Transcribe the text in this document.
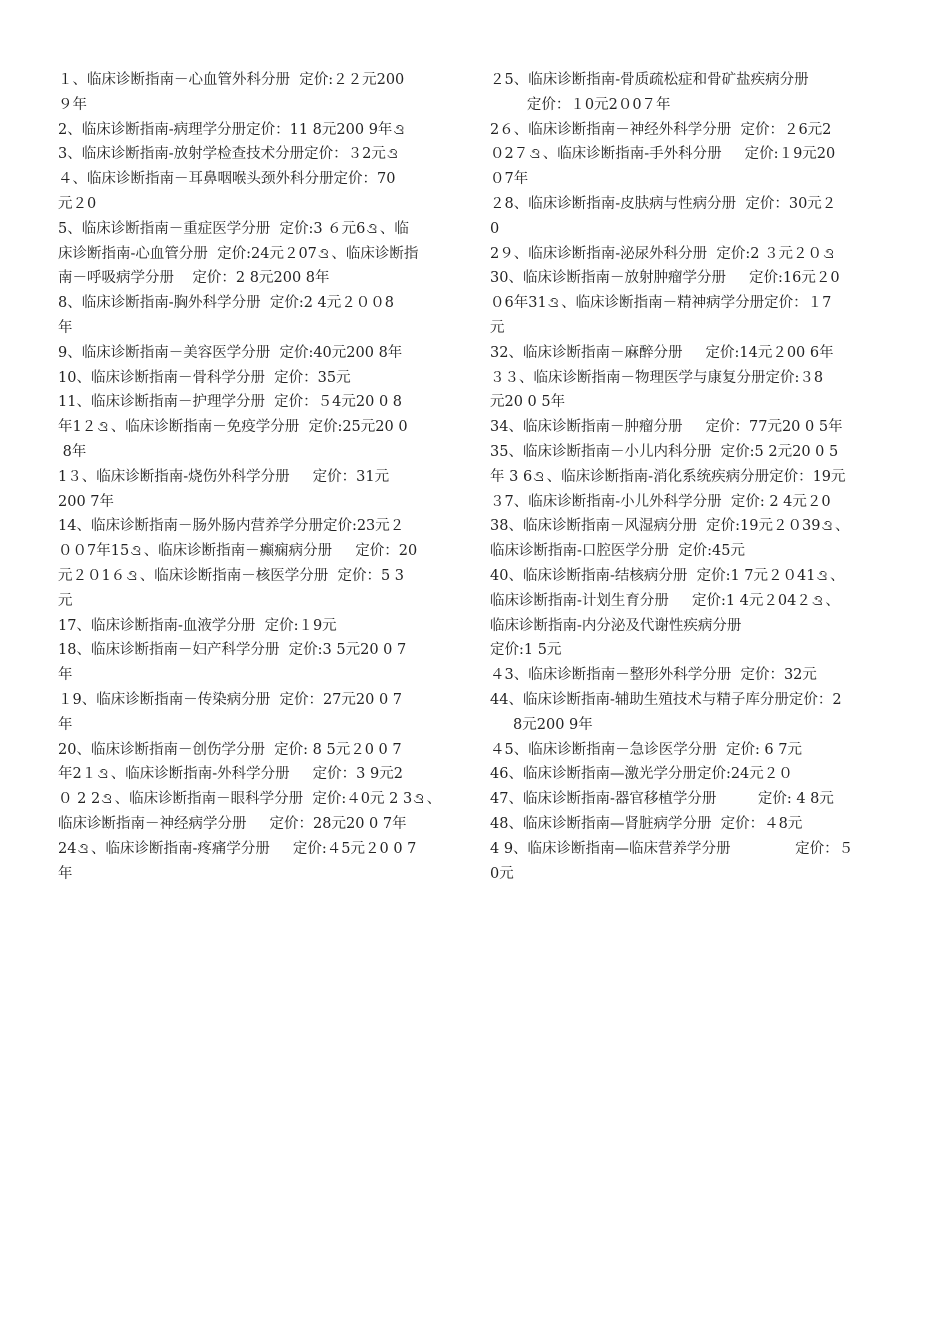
１、临床诊断指南－心血管外科分册  定价:２２元200
９年
2、临床诊断指南-病理学分册定价：11 8元200 9年ࡠ
3、临床诊断指南-放射学检查技术分册定价：３2元ࡠ
４、临床诊断指南－耳鼻咽喉头颈外科分册定价：70
元２0
5、临床诊断指南－重症医学分册  定价:3 ６元6ࡠ、临
床诊断指南-心血管分册  定价:24元２07ࡠ、临床诊断指
南－呼吸病学分册    定价：2 8元200 8年
8、临床诊断指南-胸外科学分册  定价:2 4元２００8
年
9、临床诊断指南－美容医学分册  定价:40元200 8年
10、临床诊断指南－骨科学分册  定价：35元
11、临床诊断指南－护理学分册  定价：５4元20 0 8
年1２ࡠ、临床诊断指南－免疫学分册  定价:25元20 0
8年
1３、临床诊断指南-烧伤外科学分册     定价：31元
200 7年
14、临床诊断指南－肠外肠内营养学分册定价:23元２
００7年15ࡠ、临床诊断指南－癫痫病分册     定价：20
元２０1６ࡠ、临床诊断指南－核医学分册  定价：5 3
元
17、临床诊断指南-血液学分册  定价:１9元
18、临床诊断指南－妇产科学分册  定价:3 5元20 0 7
年
１9、临床诊断指南－传染病分册  定价：27元20 0 7
年
20、临床诊断指南－创伤学分册  定价: 8 5元２0 0 7
年2１ࡠ、临床诊断指南-外科学分册     定价：3 9元2
０ 2 2ࡠ、临床诊断指南－眼科学分册  定价:４0元 2 3ࡠ、
临床诊断指南－神经病学分册     定价：28元20 0 7年
24ࡠ、临床诊断指南-疼痛学分册     定价:４5元２0 0 7
年
２5、临床诊断指南-骨质疏松症和骨矿盐疾病分册
定价：１0元2０0７年
2６、临床诊断指南－神经外科学分册  定价：２6元2
０2７ࡠ、临床诊断指南-手外科分册     定价:１9元20
０7年
２8、临床诊断指南-皮肤病与性病分册  定价：30元２
0
2９、临床诊断指南-泌尿外科分册  定价:2 ３元２０ࡠ
30、临床诊断指南－放射肿瘤学分册     定价:16元２0
０6年31ࡠ、临床诊断指南－精神病学分册定价：１7
元
32、临床诊断指南－麻醉分册     定价:14元２00 6年
３３、临床诊断指南－物理医学与康复分册定价:３8
元20 0 5年
34、临床诊断指南－肿瘤分册     定价：77元20 0 5年
35、临床诊断指南－小儿内科分册  定价:5 2元20 0 5
年 3 6ࡠ、临床诊断指南-消化系统疾病分册定价：19元
３7、临床诊断指南-小儿外科学分册  定价: 2 4元２0
38、临床诊断指南－风湿病分册  定价:19元２０39ࡠ、
临床诊断指南-口腔医学分册  定价:45元
40、临床诊断指南-结核病分册  定价:1 7元２０41ࡠ、
临床诊断指南-计划生育分册     定价:1 4元２04２ࡠ、
临床诊断指南-内分泌及代谢性疾病分册
定价:1 5元
４3、临床诊断指南－整形外科学分册  定价：32元
44、临床诊断指南-辅助生殖技术与精子库分册定价：2
8元200 9年
４5、临床诊断指南－急诊医学分册  定价: 6 7元
46、临床诊断指南—激光学分册定价:24元２０
47、临床诊断指南-器官移植学分册         定价: 4 8元
48、临床诊断指南—肾脏病学分册  定价：４8元
4 9、临床诊断指南—临床营养学分册              定价：５
0元
